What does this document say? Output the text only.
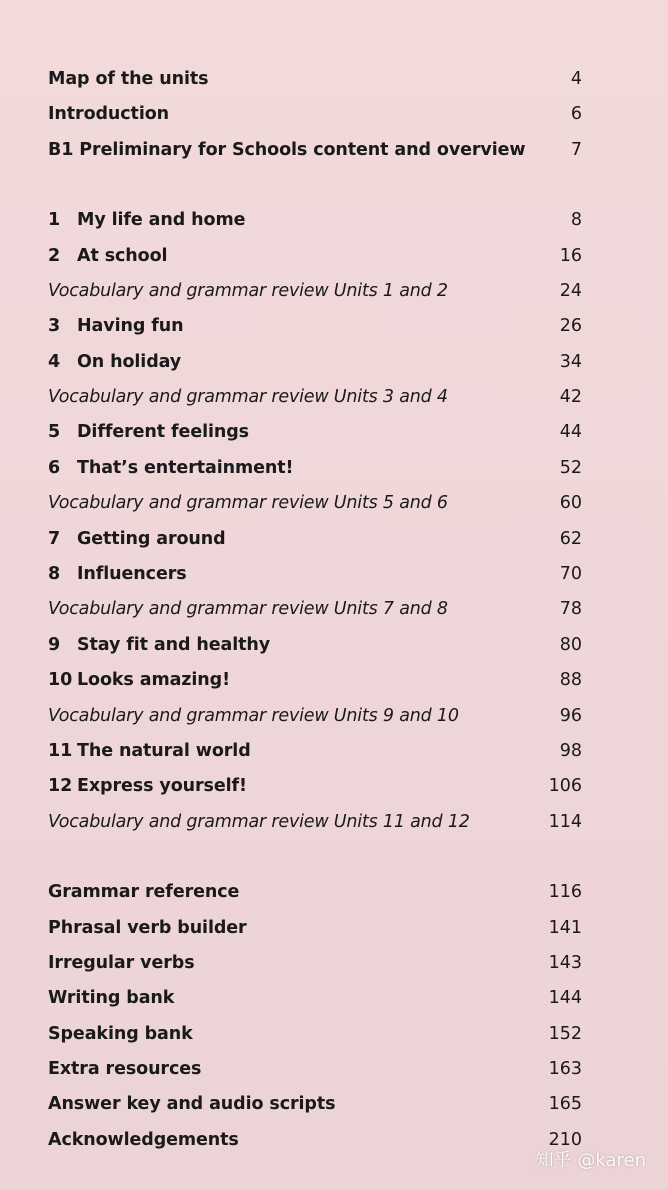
Map of the units	4
Introduction	6
B1 Preliminary for Schools content and overview	7
1 My life and home	8
2 At school	16
Vocabulary and grammar review Units 1 and 2	24
3 Having fun	26
4 On holiday	34
Vocabulary and grammar review Units 3 and 4	42
5 Different feelings	44
6 That’s entertainment!	52
Vocabulary and grammar review Units 5 and 6	60
7 Getting around	62
8 Influencers	70
Vocabulary and grammar review Units 7 and 8	78
9 Stay fit and healthy	80
10 Looks amazing!	88
Vocabulary and grammar review Units 9 and 10	96
11 The natural world	98
12 Express yourself!	106
Vocabulary and grammar review Units 11 and 12	114
Grammar reference	116
Phrasal verb builder	141
Irregular verbs	143
Writing bank	144
Speaking bank	152
Extra resources	163
Answer key and audio scripts	165
Acknowledgements	210
知乎 @karen
